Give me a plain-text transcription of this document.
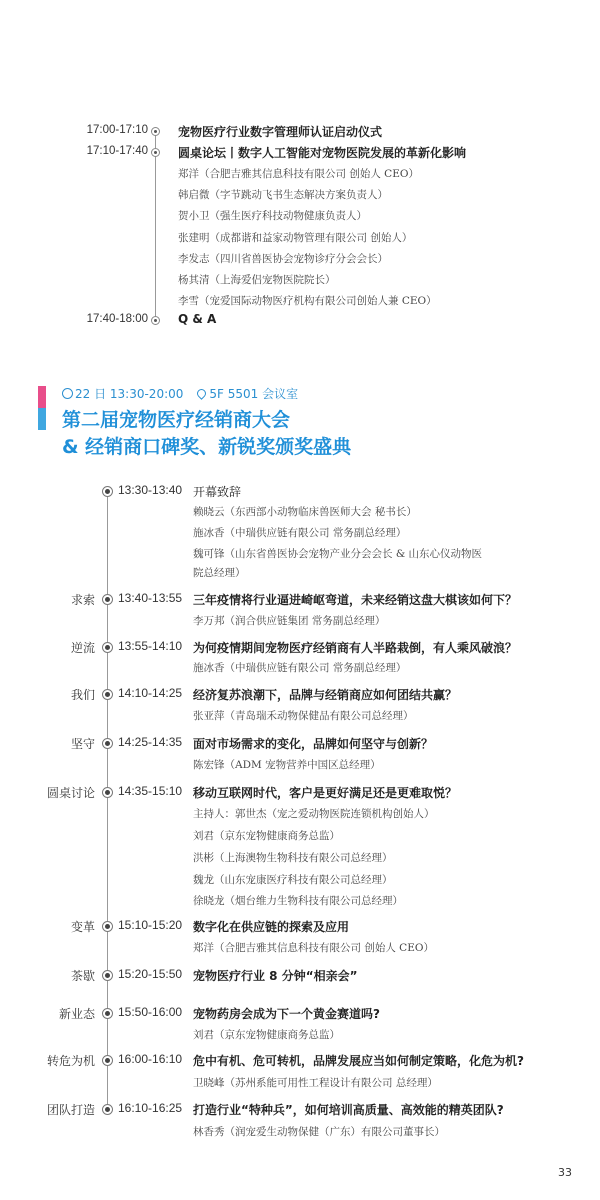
17:00-17:10	宠物医疗行业数字管理师认证启动仪式
17:10-17:40	圆桌论坛丨数字人工智能对宠物医院发展的革新化影响
郑洋（合肥吉雅其信息科技有限公司 创始人 CEO）
韩启微（字节跳动飞书生态解决方案负责人）
贺小卫（强生医疗科技动物健康负责人）
张建明（成都谐和益家动物管理有限公司 创始人）
李发志（四川省兽医协会宠物诊疗分会会长）
杨其清（上海爱侣宠物医院院长）
李雪（宠爱国际动物医疗机构有限公司创始人兼 CEO）
17:40-18:00	Q & A
22 日 13:30-20:00 5F 5501 会议室
第二届宠物医疗经销商大会
& 经销商口碑奖、新锐奖颁奖盛典
13:30-13:40 开幕致辞
赖晓云（东西部小动物临床兽医师大会 秘书长）
施冰香（中瑞供应链有限公司 常务副总经理）
魏可锋（山东省兽医协会宠物产业分会会长 & 山东心仪动物医
院总经理）
求索 13:40-13:55 三年疫情将行业逼进崎岖弯道，未来经销这盘大棋该如何下？
李万邦（润合供应链集团 常务副总经理）
逆流 13:55-14:10 为何疫情期间宠物医疗经销商有人半路栽倒，有人乘风破浪？
施冰香（中瑞供应链有限公司 常务副总经理）
我们 14:10-14:25 经济复苏浪潮下，品牌与经销商应如何团结共赢？
张亚萍（青岛瑞禾动物保健品有限公司总经理）
坚守 14:25-14:35 面对市场需求的变化，品牌如何坚守与创新？
陈宏锋（ADM 宠物营养中国区总经理）
圆桌讨论 14:35-15:10 移动互联网时代，客户是更好满足还是更难取悦？
主持人：郭世杰（宠之爱动物医院连锁机构创始人）
刘君（京东宠物健康商务总监）
洪彬（上海澳物生物科技有限公司总经理）
魏龙（山东宠康医疗科技有限公司总经理）
徐晓龙（烟台维力生物科技有限公司总经理）
变革 15:10-15:20 数字化在供应链的探索及应用
郑洋（合肥吉雅其信息科技有限公司 创始人 CEO）
茶歇 15:20-15:50 宠物医疗行业 8 分钟“相亲会”
新业态 15:50-16:00 宠物药房会成为下一个黄金赛道吗?
刘君（京东宠物健康商务总监）
转危为机 16:00-16:10 危中有机、危可转机，品牌发展应当如何制定策略，化危为机?
卫晓峰（苏州系能可用性工程设计有限公司 总经理）
团队打造 16:10-16:25 打造行业“特种兵”，如何培训高质量、高效能的精英团队?
林香秀（润宠爱生动物保健（广东）有限公司董事长）
33
